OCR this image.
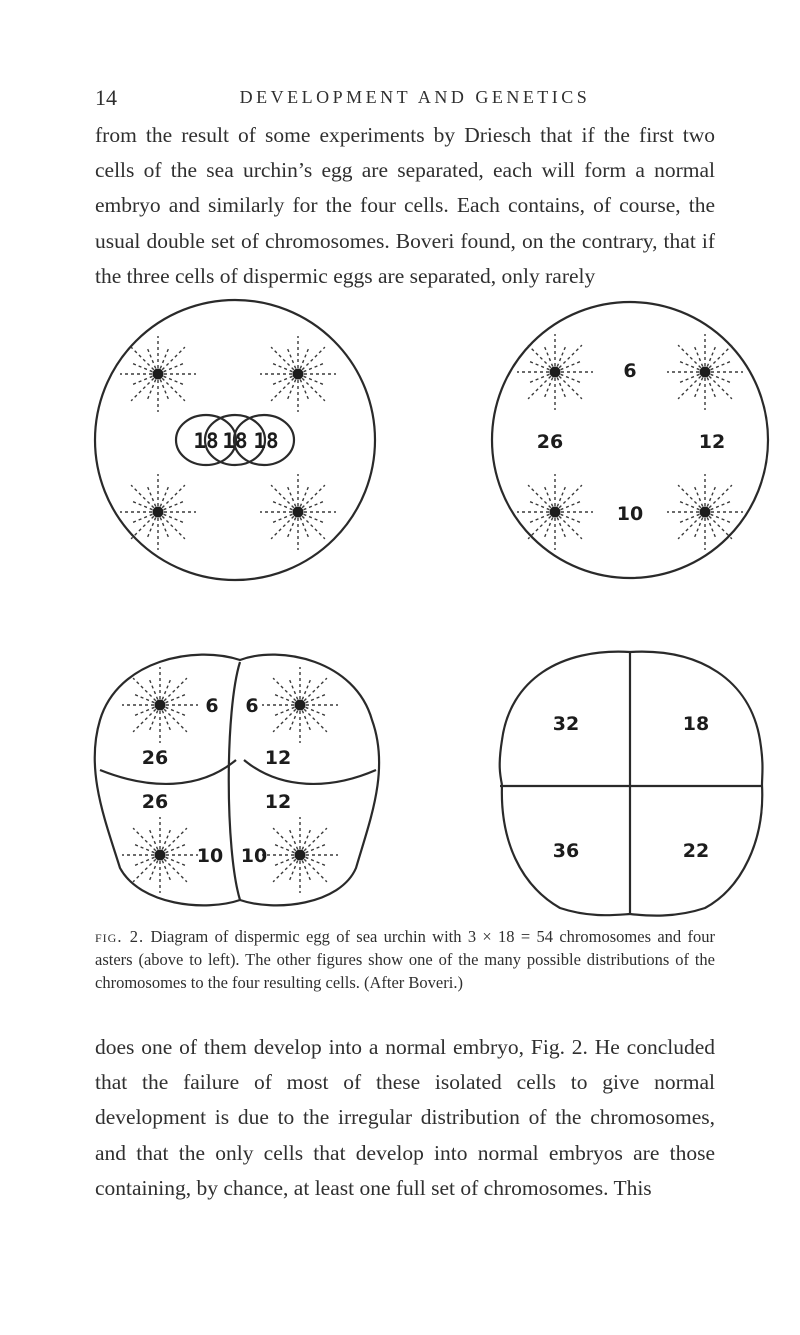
14	DEVELOPMENT AND GENETICS

from the result of some experiments by Driesch that if the first two cells of the sea urchin’s egg are separated, each will form a normal embryo and similarly for the four cells. Each contains, of course, the usual double set of chromosomes. Boveri found, on the contrary, that if the three cells of dispermic eggs are separated, only rarely

18 18 18
6
26	12
10
6 6
26	12
26	12
10 10
32	18
36	22

fig. 2. Diagram of dispermic egg of sea urchin with 3 × 18 = 54 chromosomes and four asters (above to left). The other figures show one of the many possible distributions of the chromosomes to the four resulting cells. (After Boveri.)

does one of them develop into a normal embryo, Fig. 2. He concluded that the failure of most of these isolated cells to give normal development is due to the irregular distribution of the chromosomes, and that the only cells that develop into normal embryos are those containing, by chance, at least one full set of chromosomes. This
